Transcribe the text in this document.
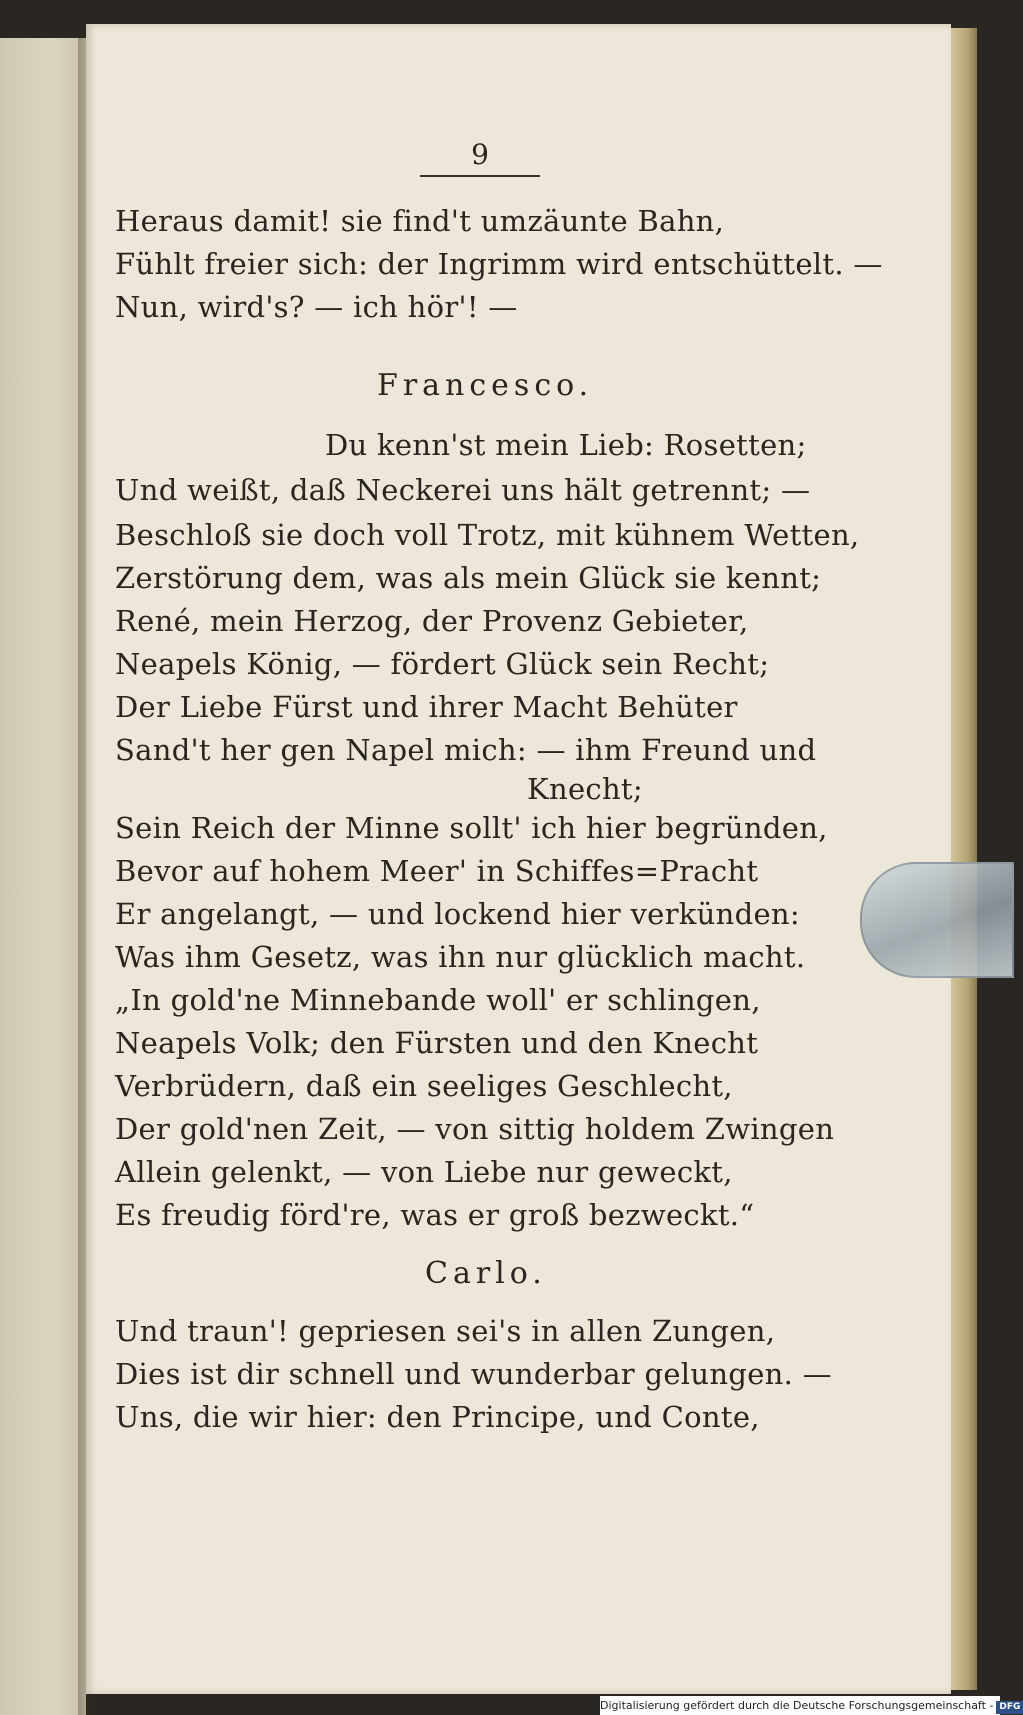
9
Heraus damit! sie find't umzäunte Bahn,
Fühlt freier sich: der Ingrimm wird entschüttelt. —
Nun, wird's? — ich hör'! —
Francesco.
Du kenn'st mein Lieb: Rosetten;
Und weißt, daß Neckerei uns hält getrennt; —
Beschloß sie doch voll Trotz, mit kühnem Wetten,
Zerstörung dem, was als mein Glück sie kennt;
René, mein Herzog, der Provenz Gebieter,
Neapels König, — fördert Glück sein Recht;
Der Liebe Fürst und ihrer Macht Behüter
Sand't her gen Napel mich: — ihm Freund und
Knecht;
Sein Reich der Minne sollt' ich hier begründen,
Bevor auf hohem Meer' in Schiffes=Pracht
Er angelangt, — und lockend hier verkünden:
Was ihm Gesetz, was ihn nur glücklich macht.
„In gold'ne Minnebande woll' er schlingen,
Neapels Volk; den Fürsten und den Knecht
Verbrüdern, daß ein seeliges Geschlecht,
Der gold'nen Zeit, — von sittig holdem Zwingen
Allein gelenkt, — von Liebe nur geweckt,
Es freudig förd're, was er groß bezweckt.“
Carlo.
Und traun'! gepriesen sei's in allen Zungen,
Dies ist dir schnell und wunderbar gelungen. —
Uns, die wir hier: den Principe, und Conte,
Digitalisierung gefördert durch die Deutsche Forschungsgemeinschaft - DFG
